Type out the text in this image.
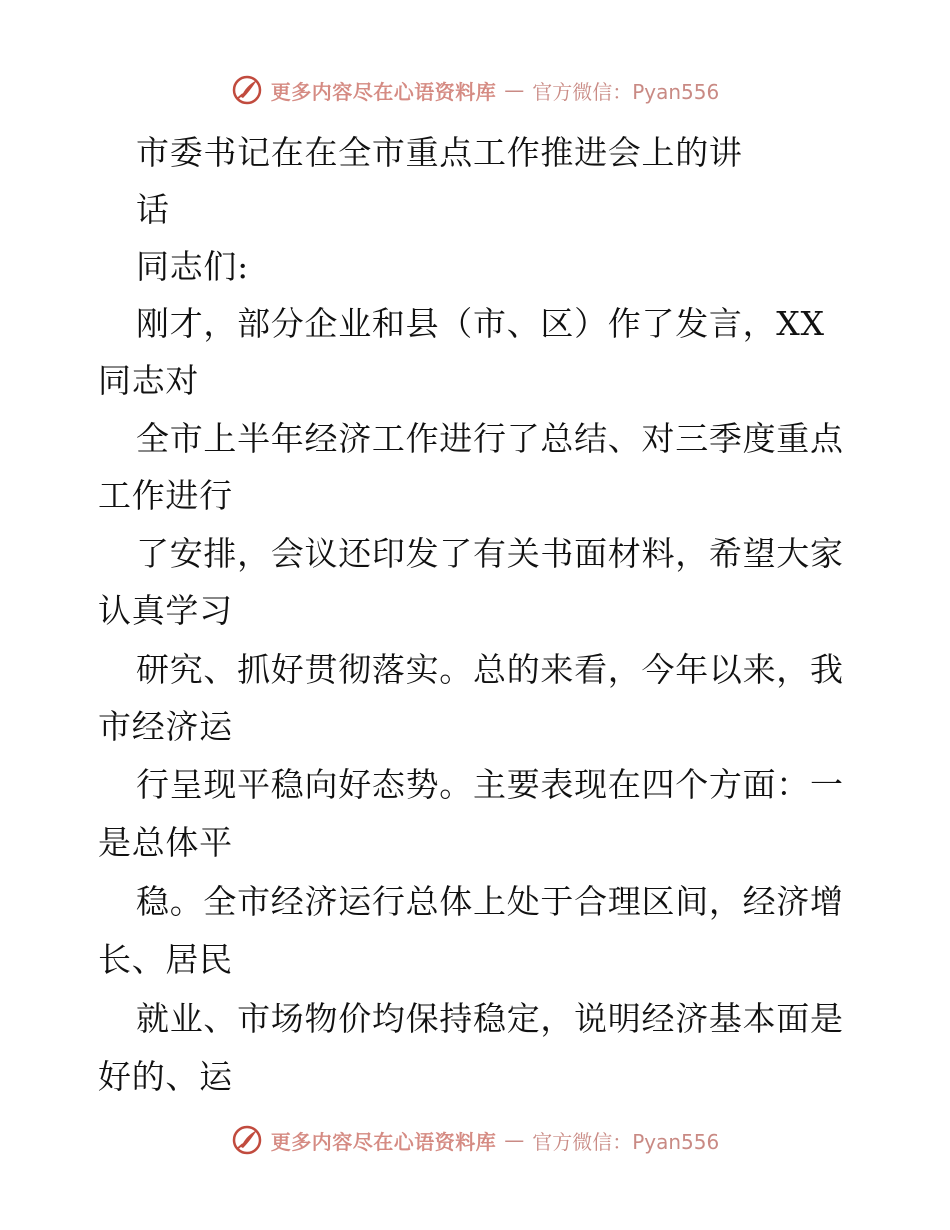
更多内容尽在心语资料库 — 官方微信：Pyan556
市委书记在在全市重点工作推进会上的讲
话
同志们:
刚才，部分企业和县（市、区）作了发言，XX
同志对
全市上半年经济工作进行了总结、对三季度重点
工作进行
了安排，会议还印发了有关书面材料，希望大家
认真学习
研究、抓好贯彻落实。总的来看，今年以来，我
市经济运
行呈现平稳向好态势。主要表现在四个方面：一
是总体平
稳。全市经济运行总体上处于合理区间，经济增
长、居民
就业、市场物价均保持稳定，说明经济基本面是
好的、运
更多内容尽在心语资料库 — 官方微信：Pyan556
